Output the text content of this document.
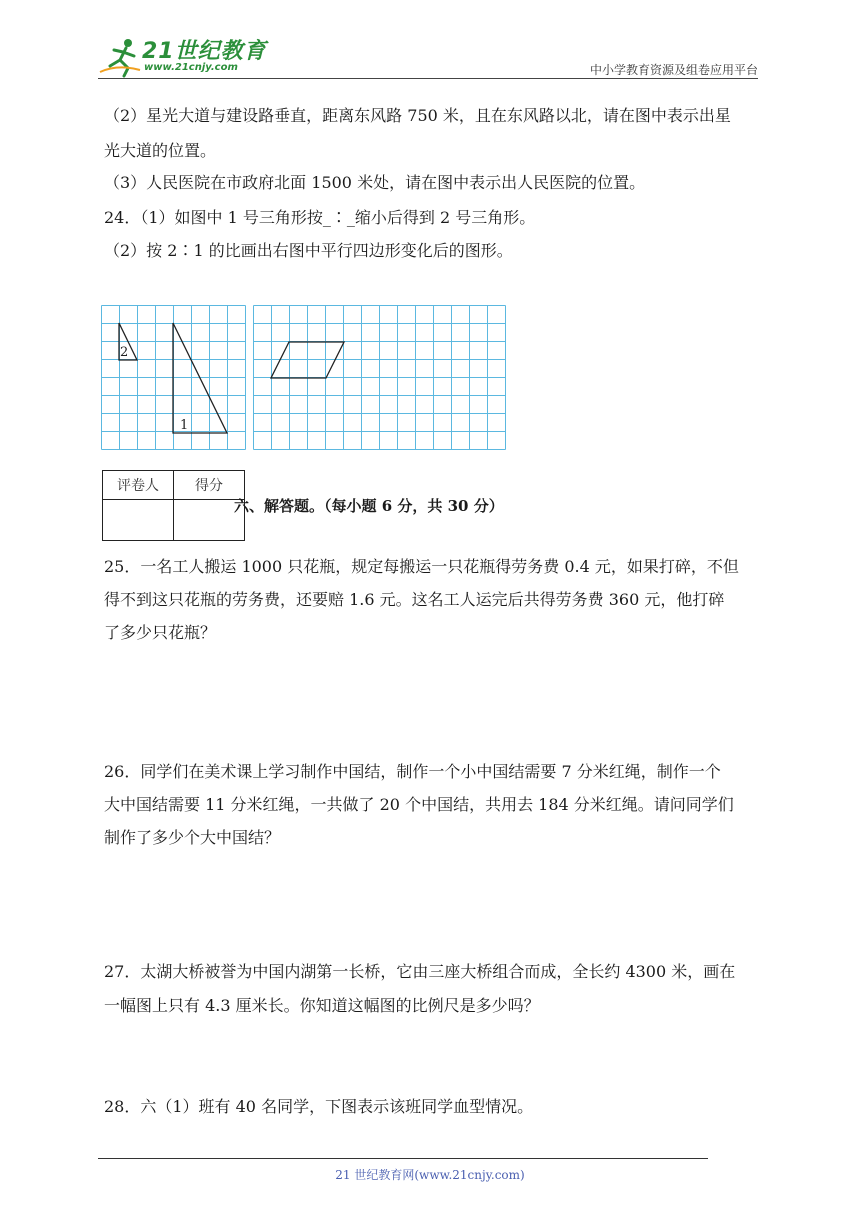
21世纪教育
www.21cnjy.com	中小学教育资源及组卷应用平台
（2）星光大道与建设路垂直，距离东风路 750 米，且在东风路以北，请在图中表示出星
光大道的位置。
（3）人民医院在市政府北面 1500 米处，请在图中表示出人民医院的位置。
24．（1）如图中 1 号三角形按_∶_缩小后得到 2 号三角形。
（2）按 2∶1 的比画出右图中平行四边形变化后的图形。
2
1
评卷人	得分

六、解答题。（每小题 6 分，共 30 分）
25．一名工人搬运 1000 只花瓶，规定每搬运一只花瓶得劳务费 0.4 元，如果打碎，不但
得不到这只花瓶的劳务费，还要赔 1.6 元。这名工人运完后共得劳务费 360 元，他打碎
了多少只花瓶？
26．同学们在美术课上学习制作中国结，制作一个小中国结需要 7 分米红绳，制作一个
大中国结需要 11 分米红绳，一共做了 20 个中国结，共用去 184 分米红绳。请问同学们
制作了多少个大中国结？
27．太湖大桥被誉为中国内湖第一长桥，它由三座大桥组合而成，全长约 4300 米，画在
一幅图上只有 4.3 厘米长。你知道这幅图的比例尺是多少吗？
28．六（1）班有 40 名同学，下图表示该班同学血型情况。
21 世纪教育网(www.21cnjy.com)
